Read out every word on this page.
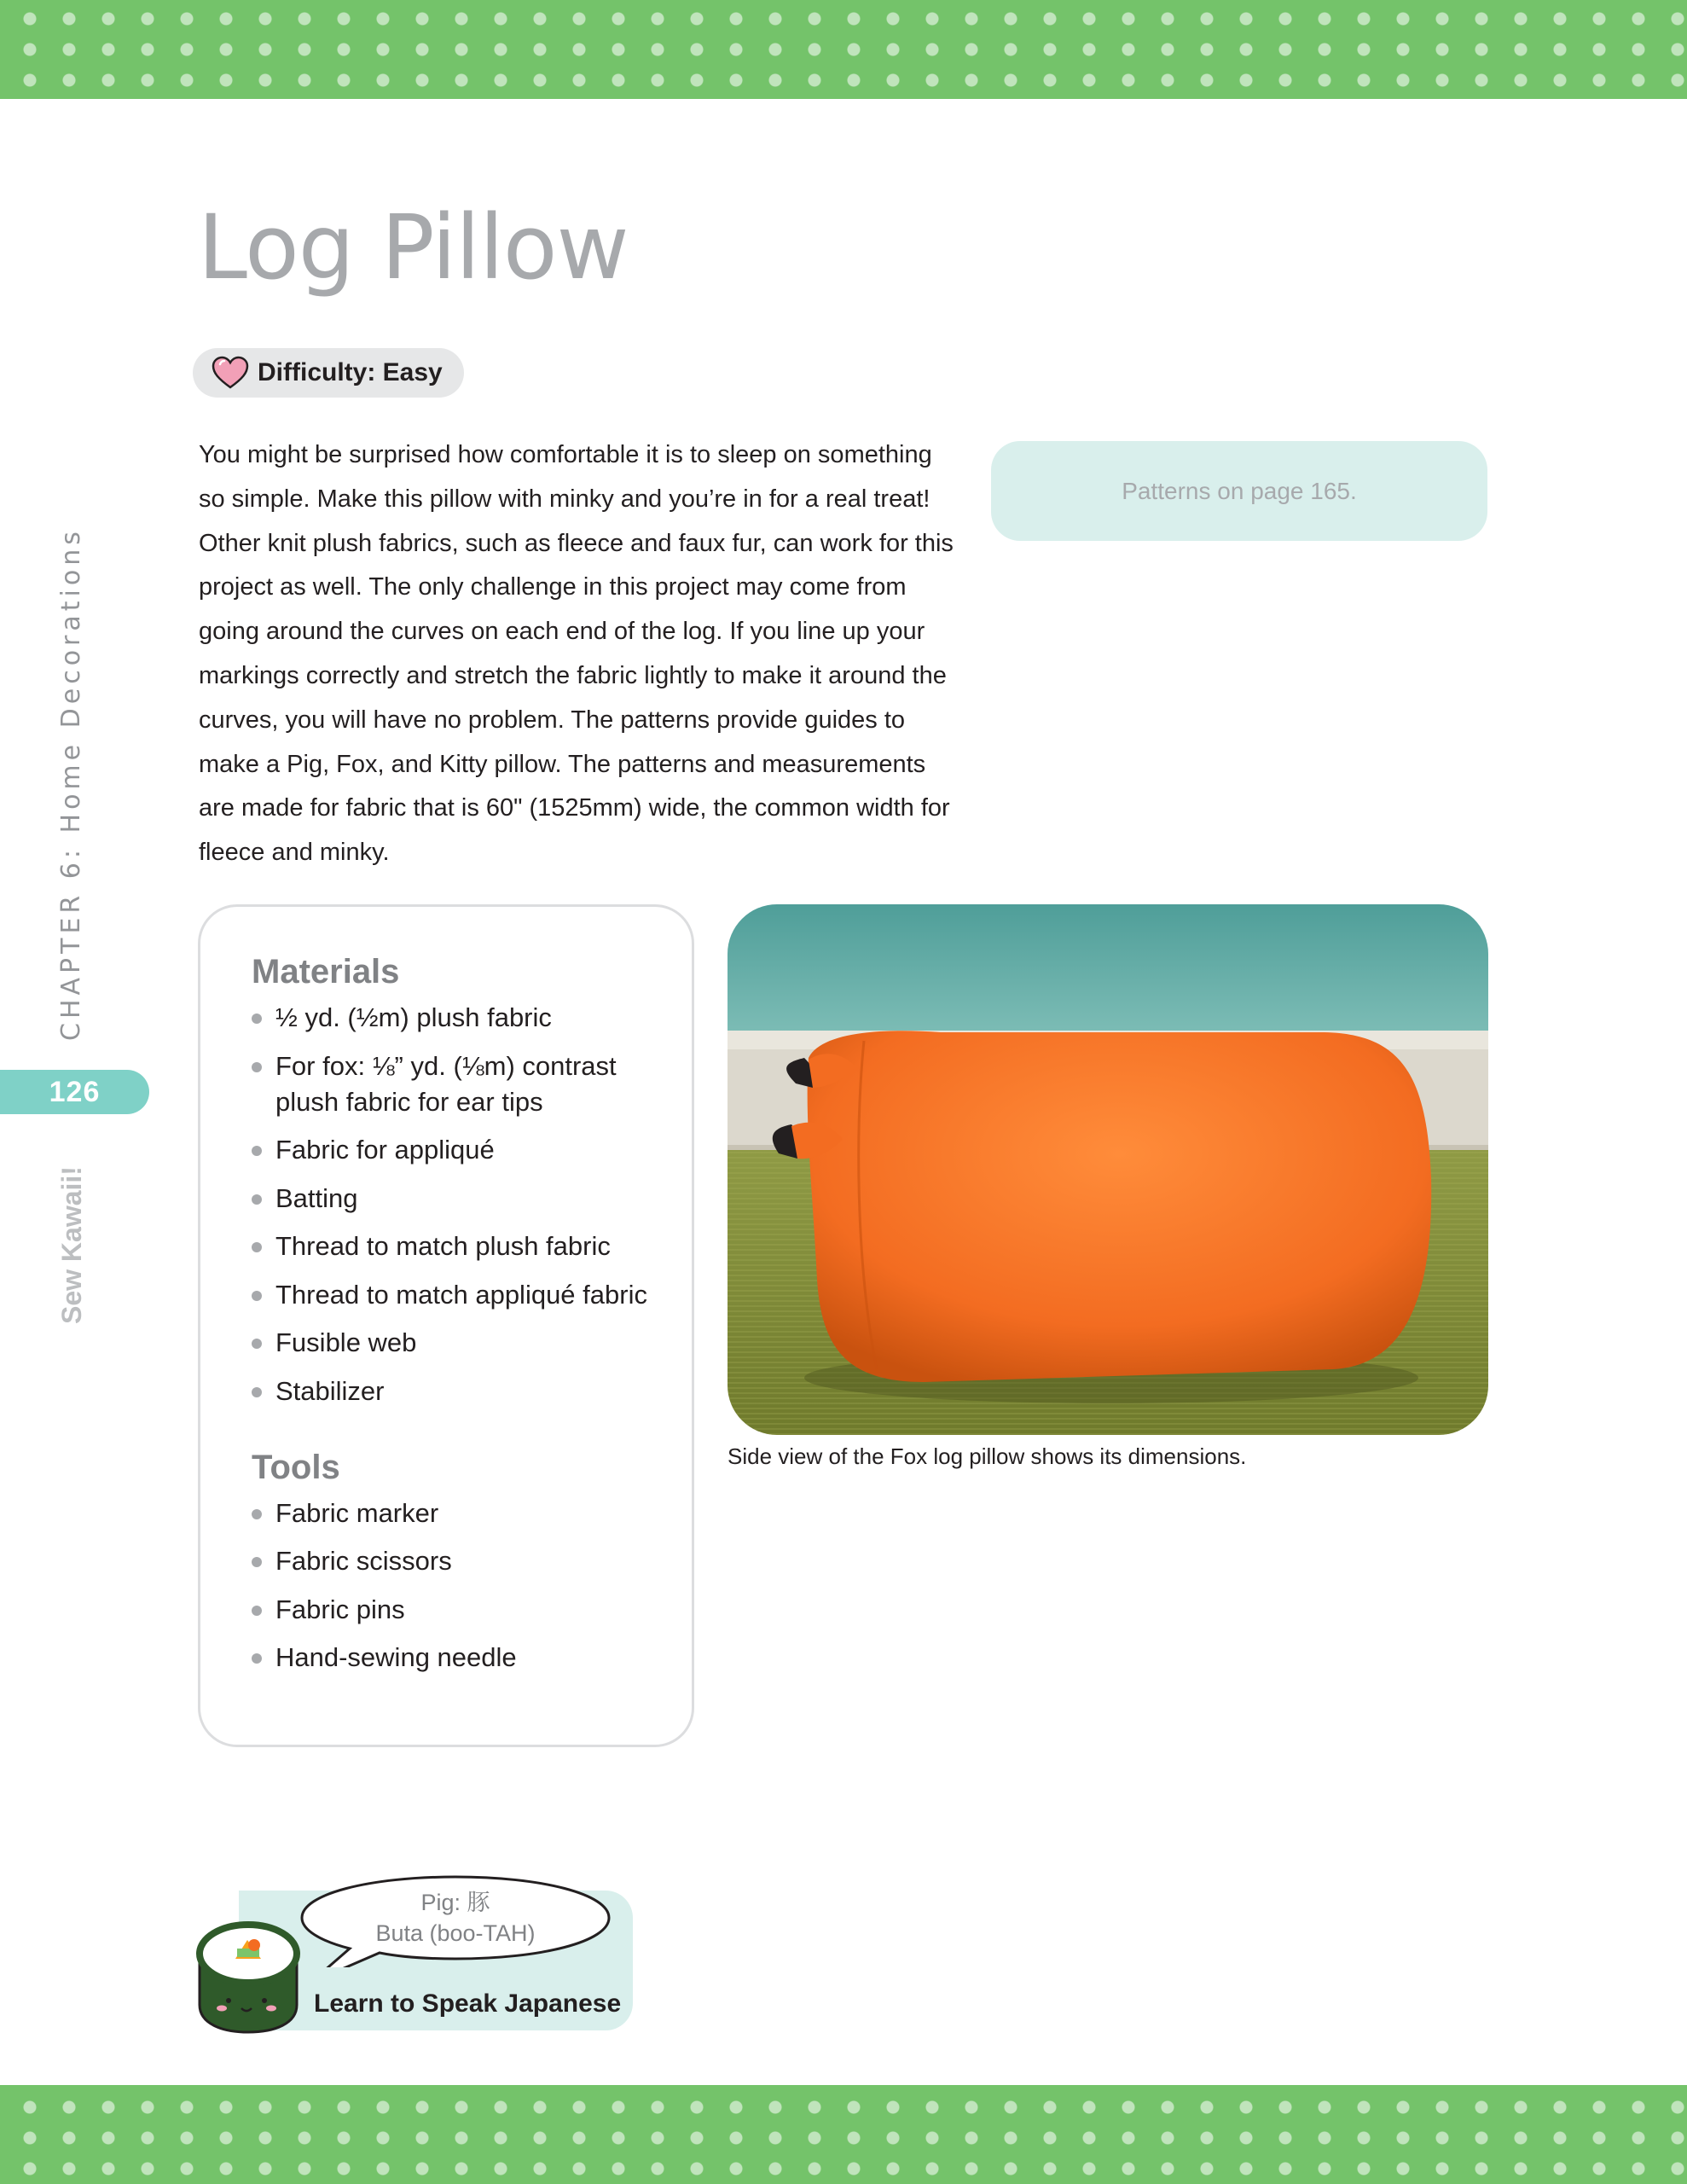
Log Pillow
Difficulty: Easy

You might be surprised how comfortable it is to sleep on something so simple. Make this pillow with minky and you’re in for a real treat! Other knit plush fabrics, such as fleece and faux fur, can work for this project as well. The only challenge in this project may come from going around the curves on each end of the log. If you line up your markings correctly and stretch the fabric lightly to make it around the curves, you will have no problem. The patterns provide guides to make a Pig, Fox, and Kitty pillow. The patterns and measurements are made for fabric that is 60" (1525mm) wide, the common width for fleece and minky.

Patterns on page 165.
CHAPTER 6: Home Decorations
126
Sew Kawaii!
Materials
½ yd. (½m) plush fabric
For fox: ⅛” yd. (⅛m) contrast plush fabric for ear tips
Fabric for appliqué
Batting
Thread to match plush fabric
Thread to match appliqué fabric
Fusible web
Stabilizer
Tools
Fabric marker
Fabric scissors
Fabric pins
Hand-sewing needle
Side view of the Fox log pillow shows its dimensions.
Pig: 豚
Buta (boo-TAH)
Learn to Speak Japanese
